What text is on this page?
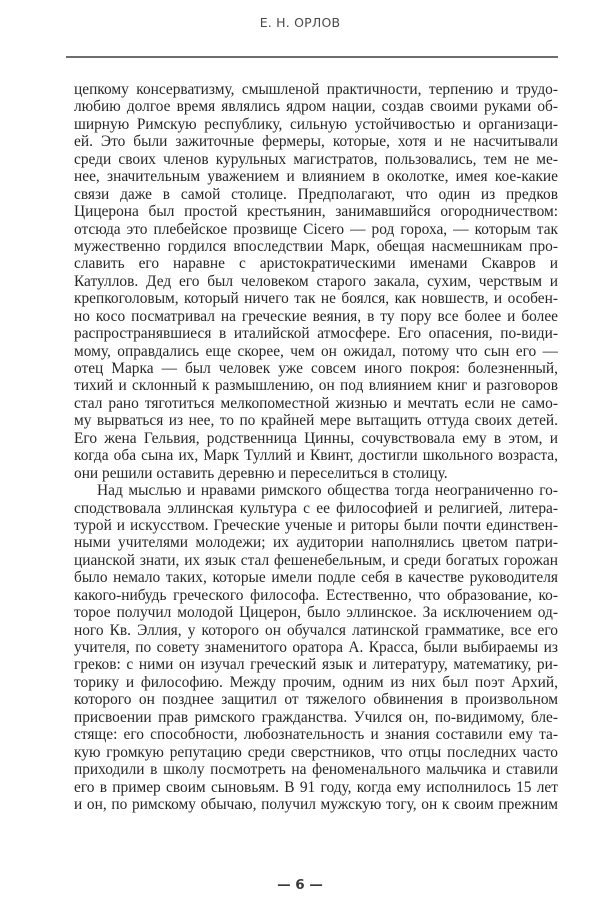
Е. Н. ОРЛОВ
цепкому консерватизму, смышленой практичности, терпению и трудо-
любию долгое время являлись ядром нации, создав своими руками об-
ширную Римскую республику, сильную устойчивостью и организаци-
ей. Это были зажиточные фермеры, которые, хотя и не насчитывали
среди своих членов курульных магистратов, пользовались, тем не ме-
нее, значительным уважением и влиянием в околотке, имея кое-какие
связи даже в самой столице. Предполагают, что один из предков
Цицерона был простой крестьянин, занимавшийся огородничеством:
отсюда это плебейское прозвище Cicero — род гороха, — которым так
мужественно гордился впоследствии Марк, обещая насмешникам про-
славить его наравне с аристократическими именами Скавров и
Катуллов. Дед его был человеком старого закала, сухим, черствым и
крепкоголовым, который ничего так не боялся, как новшеств, и особен-
но косо посматривал на греческие веяния, в ту пору все более и более
распространявшиеся в италийской атмосфере. Его опасения, по-види-
мому, оправдались еще скорее, чем он ожидал, потому что сын его —
отец Марка — был человек уже совсем иного покроя: болезненный,
тихий и склонный к размышлению, он под влиянием книг и разговоров
стал рано тяготиться мелкопоместной жизнью и мечтать если не само-
му вырваться из нее, то по крайней мере вытащить оттуда своих детей.
Его жена Гельвия, родственница Цинны, сочувствовала ему в этом, и
когда оба сына их, Марк Туллий и Квинт, достигли школьного возраста,
они решили оставить деревню и переселиться в столицу.
Над мыслью и нравами римского общества тогда неограниченно го-
сподствовала эллинская культура с ее философией и религией, литера-
турой и искусством. Греческие ученые и риторы были почти единствен-
ными учителями молодежи; их аудитории наполнялись цветом патри-
цианской знати, их язык стал фешенебельным, и среди богатых горожан
было немало таких, которые имели подле себя в качестве руководителя
какого-нибудь греческого философа. Естественно, что образование, ко-
торое получил молодой Цицерон, было эллинское. За исключением од-
ного Кв. Эллия, у которого он обучался латинской грамматике, все его
учителя, по совету знаменитого оратора А. Красса, были выбираемы из
греков: с ними он изучал греческий язык и литературу, математику, ри-
торику и философию. Между прочим, одним из них был поэт Архий,
которого он позднее защитил от тяжелого обвинения в произвольном
присвоении прав римского гражданства. Учился он, по-видимому, бле-
стяще: его способности, любознательность и знания составили ему та-
кую громкую репутацию среди сверстников, что отцы последних часто
приходили в школу посмотреть на феноменального мальчика и ставили
его в пример своим сыновьям. В 91 году, когда ему исполнилось 15 лет
и он, по римскому обычаю, получил мужскую тогу, он к своим прежним
— 6 —
